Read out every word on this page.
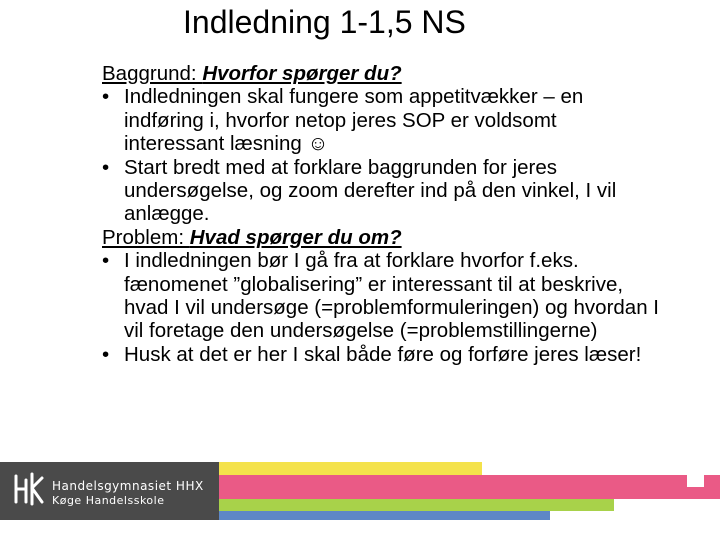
Indledning 1-1,5 NS

Baggrund: Hvorfor spørger du?

• Indledningen skal fungere som appetitvækker – en indføring i, hvorfor netop jeres SOP er voldsomt interessant læsning ☺
• Start bredt med at forklare baggrunden for jeres undersøgelse, og zoom derefter ind på den vinkel, I vil anlægge.

Problem: Hvad spørger du om?

• I indledningen bør I gå fra at forklare hvorfor f.eks. fænomenet ”globalisering” er interessant til at beskrive, hvad I vil undersøge (=problemformuleringen) og hvordan I vil foretage den undersøgelse (=problemstillingerne)
• Husk at det er her I skal både føre og forføre jeres læser!
Handelsgymnasiet HHX
Køge Handelsskole
